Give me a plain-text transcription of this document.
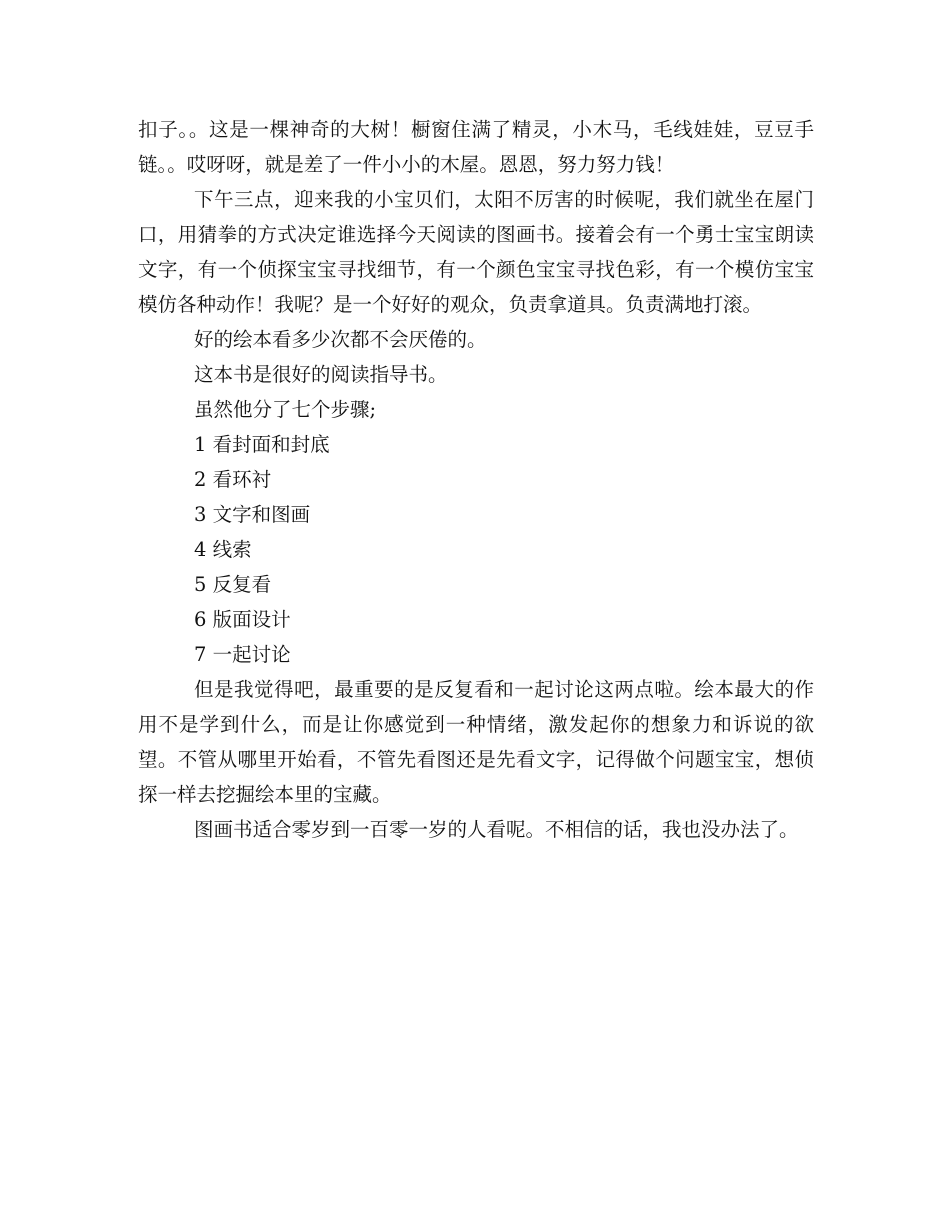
扣子。。这是一棵神奇的大树！橱窗住满了精灵，小木马，毛线娃娃，豆豆手链。。哎呀呀，就是差了一件小小的木屋。恩恩，努力努力钱！

下午三点，迎来我的小宝贝们，太阳不厉害的时候呢，我们就坐在屋门口，用猜拳的方式决定谁选择今天阅读的图画书。接着会有一个勇士宝宝朗读文字，有一个侦探宝宝寻找细节，有一个颜色宝宝寻找色彩，有一个模仿宝宝模仿各种动作！我呢？是一个好好的观众，负责拿道具。负责满地打滚。

好的绘本看多少次都不会厌倦的。

这本书是很好的阅读指导书。

虽然他分了七个步骤;

1 看封面和封底

2 看环衬

3 文字和图画

4 线索

5 反复看

6 版面设计

7 一起讨论

但是我觉得吧，最重要的是反复看和一起讨论这两点啦。绘本最大的作用不是学到什么，而是让你感觉到一种情绪，激发起你的想象力和诉说的欲望。不管从哪里开始看，不管先看图还是先看文字，记得做个问题宝宝，想侦探一样去挖掘绘本里的宝藏。

图画书适合零岁到一百零一岁的人看呢。不相信的话，我也没办法了。
